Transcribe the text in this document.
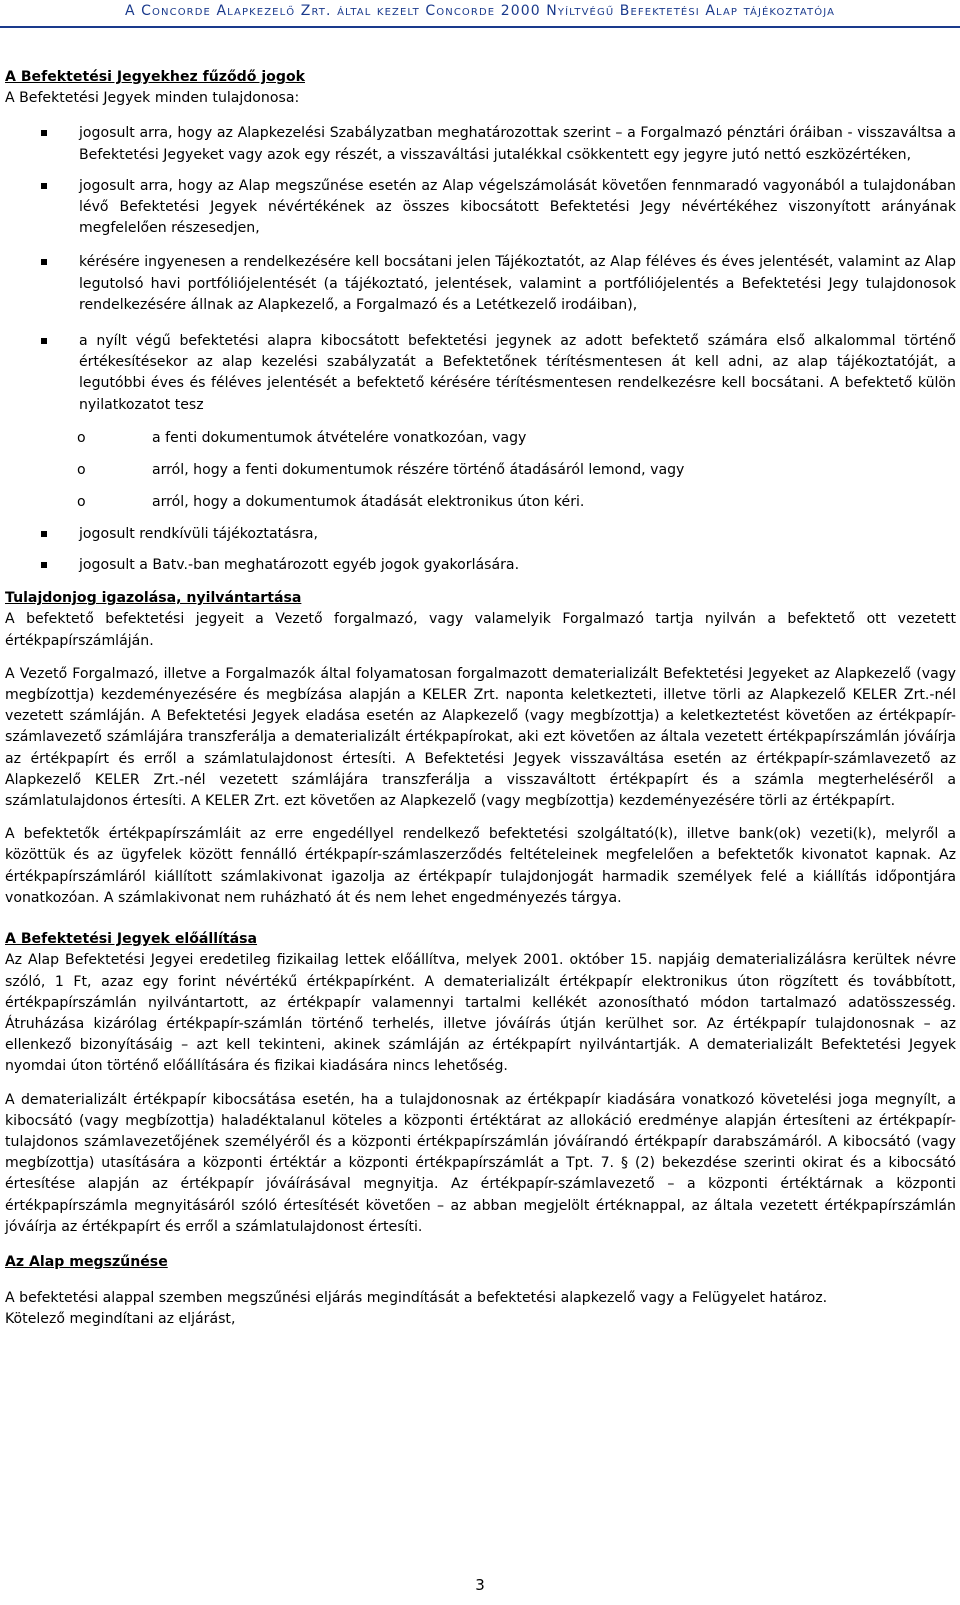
A Concorde Alapkezelő Zrt. által kezelt Concorde 2000 Nyíltvégű Befektetési Alap tájékoztatója
A Befektetési Jegyekhez fűződő jogok
A Befektetési Jegyek minden tulajdonosa:
jogosult arra, hogy az Alapkezelési Szabályzatban meghatározottak szerint – a Forgalmazó pénztári óráiban - visszaváltsa a Befektetési Jegyeket vagy azok egy részét, a visszaváltási jutalékkal csökkentett egy jegyre jutó nettó eszközértéken,
jogosult arra, hogy az Alap megszűnése esetén az Alap végelszámolását követően fennmaradó vagyonából a tulajdonában lévő Befektetési Jegyek névértékének az összes kibocsátott Befektetési Jegy névértékéhez viszonyított arányának megfelelően részesedjen,
kérésére ingyenesen a rendelkezésére kell bocsátani jelen Tájékoztatót, az Alap féléves és éves jelentését, valamint az Alap legutolsó havi portfóliójelentését (a tájékoztató, jelentések, valamint a portfóliójelentés a Befektetési Jegy tulajdonosok rendelkezésére állnak az Alapkezelő, a Forgalmazó és a Letétkezelő irodáiban),
a nyílt végű befektetési alapra kibocsátott befektetési jegynek az adott befektető számára első alkalommal történő értékesítésekor az alap kezelési szabályzatát a Befektetőnek térítésmentesen át kell adni, az alap tájékoztatóját, a legutóbbi éves és féléves jelentését a befektető kérésére térítésmentesen rendelkezésre kell bocsátani. A befektető külön nyilatkozatot tesz
o	a fenti dokumentumok átvételére vonatkozóan, vagy
o	arról, hogy a fenti dokumentumok részére történő átadásáról lemond, vagy
o	arról, hogy a dokumentumok átadását elektronikus úton kéri.
jogosult rendkívüli tájékoztatásra,
jogosult a Batv.-ban meghatározott egyéb jogok gyakorlására.
Tulajdonjog igazolása, nyilvántartása

A befektető befektetési jegyeit a Vezető forgalmazó, vagy valamelyik Forgalmazó tartja nyilván a befektető ott vezetett értékpapírszámláján.

A Vezető Forgalmazó, illetve a Forgalmazók által folyamatosan forgalmazott dematerializált Befektetési Jegyeket az Alapkezelő (vagy megbízottja) kezdeményezésére és megbízása alapján a KELER Zrt. naponta keletkezteti, illetve törli az Alapkezelő KELER Zrt.-nél vezetett számláján. A Befektetési Jegyek eladása esetén az Alapkezelő (vagy megbízottja) a keletkeztetést követően az értékpapír-számlavezető számlájára transzferálja a dematerializált értékpapírokat, aki ezt követően az általa vezetett értékpapírszámlán jóváírja az értékpapírt és erről a számlatulajdonost értesíti. A Befektetési Jegyek visszaváltása esetén az értékpapír-számlavezető az Alapkezelő KELER Zrt.-nél vezetett számlájára transzferálja a visszaváltott értékpapírt és a számla megterheléséről a számlatulajdonos értesíti. A KELER Zrt. ezt követően az Alapkezelő (vagy megbízottja) kezdeményezésére törli az értékpapírt.

A befektetők értékpapírszámláit az erre engedéllyel rendelkező befektetési szolgáltató(k), illetve bank(ok) vezeti(k), melyről a közöttük és az ügyfelek között fennálló értékpapír-számlaszerződés feltételeinek megfelelően a befektetők kivonatot kapnak. Az értékpapírszámláról kiállított számlakivonat igazolja az értékpapír tulajdonjogát harmadik személyek felé a kiállítás időpontjára vonatkozóan. A számlakivonat nem ruházható át és nem lehet engedményezés tárgya.

A Befektetési Jegyek előállítása

Az Alap Befektetési Jegyei eredetileg fizikailag lettek előállítva, melyek 2001. október 15. napjáig dematerializálásra kerültek névre szóló, 1 Ft, azaz egy forint névértékű értékpapírként. A dematerializált értékpapír elektronikus úton rögzített és továbbított, értékpapírszámlán nyilvántartott, az értékpapír valamennyi tartalmi kellékét azonosítható módon tartalmazó adatösszesség. Átruházása kizárólag értékpapír-számlán történő terhelés, illetve jóváírás útján kerülhet sor. Az értékpapír tulajdonosnak – az ellenkező bizonyításáig – azt kell tekinteni, akinek számláján az értékpapírt nyilvántartják. A dematerializált Befektetési Jegyek nyomdai úton történő előállítására és fizikai kiadására nincs lehetőség.

A dematerializált értékpapír kibocsátása esetén, ha a tulajdonosnak az értékpapír kiadására vonatkozó követelési joga megnyílt, a kibocsátó (vagy megbízottja) haladéktalanul köteles a központi értéktárat az allokáció eredménye alapján értesíteni az értékpapír-tulajdonos számlavezetőjének személyéről és a központi értékpapírszámlán jóváírandó értékpapír darabszámáról. A kibocsátó (vagy megbízottja) utasítására a központi értéktár a központi értékpapírszámlát a Tpt. 7. § (2) bekezdése szerinti okirat és a kibocsátó értesítése alapján az értékpapír jóváírásával megnyitja. Az értékpapír-számlavezető – a központi értéktárnak a központi értékpapírszámla megnyitásáról szóló értesítését követően – az abban megjelölt értéknappal, az általa vezetett értékpapírszámlán jóváírja az értékpapírt és erről a számlatulajdonost értesíti.

Az Alap megszűnése

A befektetési alappal szemben megszűnési eljárás megindítását a befektetési alapkezelő vagy a Felügyelet határoz.

Kötelező megindítani az eljárást,

3
